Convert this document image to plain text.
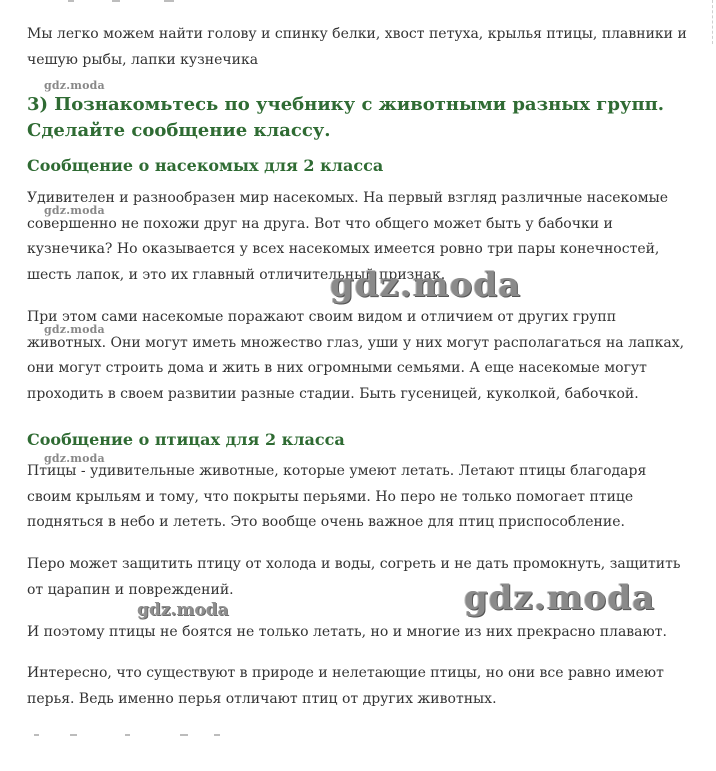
Мы легко можем найти голову и спинку белки, хвост петуха, крылья птицы, плавники и чешую рыбы, лапки кузнечика

gdz.moda
3) Познакомьтесь по учебнику с животными разных групп. Сделайте сообщение классу.
Сообщение о насекомых для 2 класса
gdz.moda

Удивителен и разнообразен мир насекомых. На первый взгляд различные насекомые совершенно не похожи друг на друга. Вот что общего может быть у бабочки и кузнечика? Но оказывается у всех насекомых имеется ровно три пары конечностей, шесть лапок, и это их главный отличительный признак.

gdz.moda
gdz.moda

При этом сами насекомые поражают своим видом и отличием от других групп животных. Они могут иметь множество глаз, уши у них могут располагаться на лапках, они могут строить дома и жить в них огромными семьями. А еще насекомые могут проходить в своем развитии разные стадии. Быть гусеницей, куколкой, бабочкой.

Сообщение о птицах для 2 класса
gdz.moda

Птицы - удивительные животные, которые умеют летать. Летают птицы благодаря своим крыльям и тому, что покрыты перьями. Но перо не только помогает птице подняться в небо и лететь. Это вообще очень важное для птиц приспособление.

Перо может защитить птицу от холода и воды, согреть и не дать промокнуть, защитить от царапин и повреждений.	gdz.moda
gdz.moda

И поэтому птицы не боятся не только летать, но и многие из них прекрасно плавают.

Интересно, что существуют в природе и нелетающие птицы, но они все равно имеют перья. Ведь именно перья отличают птиц от других животных.
